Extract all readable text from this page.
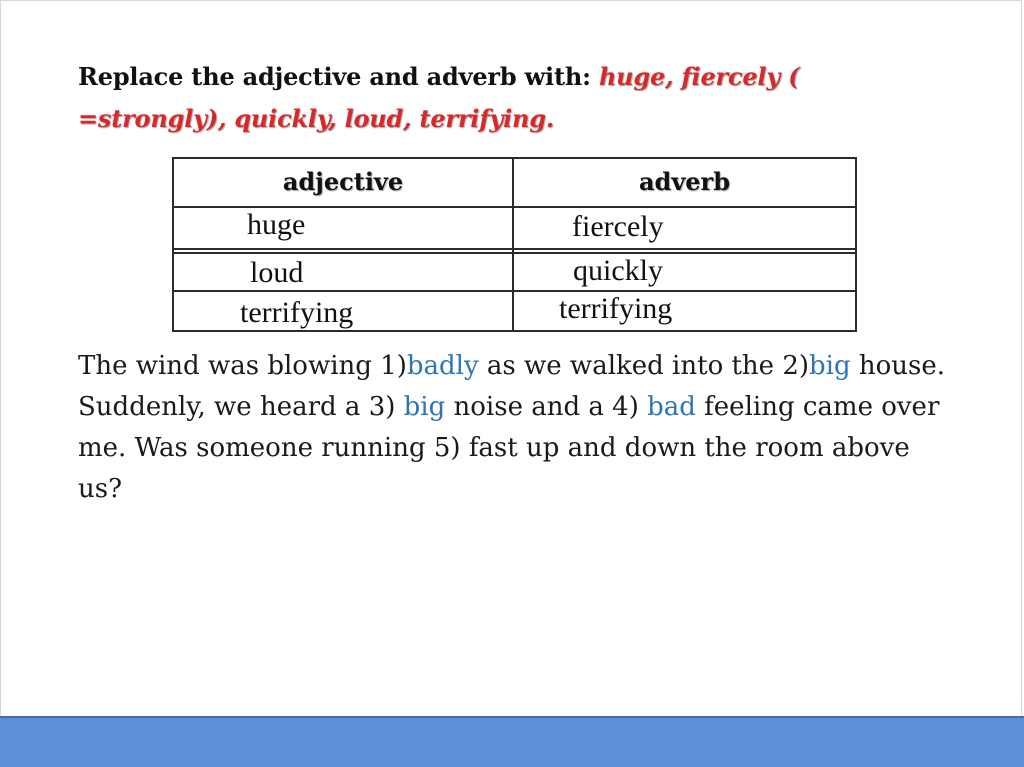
Replace the adjective and adverb with: huge, fiercely ( =strongly), quickly, loud, terrifying.
adjective	adverb

huge	fiercely

loud	quickly

terrifying	terrifying
The wind was blowing 1)badly as we walked into the 2)big house. Suddenly, we heard a 3) big noise and a 4) bad feeling came over me. Was someone running 5) fast up and down the room above us?
